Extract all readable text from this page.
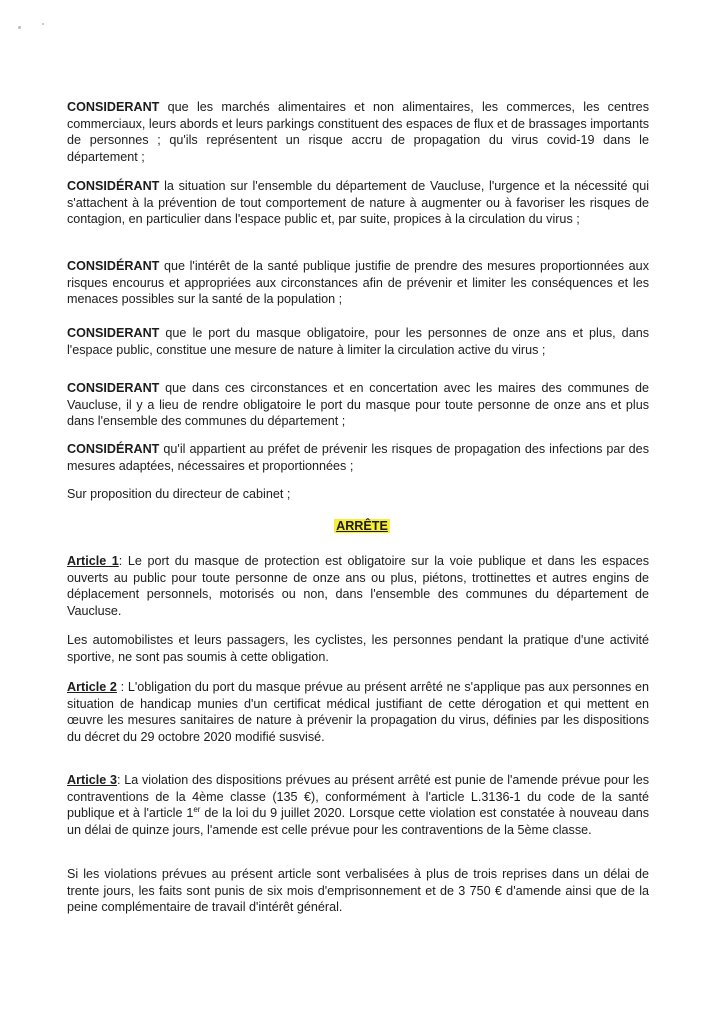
CONSIDERANT que les marchés alimentaires et non alimentaires, les commerces, les centres commerciaux, leurs abords et leurs parkings constituent des espaces de flux et de brassages importants de personnes ; qu'ils représentent un risque accru de propagation du virus covid-19 dans le département ;

CONSIDÉRANT la situation sur l'ensemble du département de Vaucluse, l'urgence et la nécessité qui s'attachent à la prévention de tout comportement de nature à augmenter ou à favoriser les risques de contagion, en particulier dans l'espace public et, par suite, propices à la circulation du virus ;

CONSIDÉRANT que l'intérêt de la santé publique justifie de prendre des mesures proportionnées aux risques encourus et appropriées aux circonstances afin de prévenir et limiter les conséquences et les menaces possibles sur la santé de la population ;

CONSIDERANT que le port du masque obligatoire, pour les personnes de onze ans et plus, dans l'espace public, constitue une mesure de nature à limiter la circulation active du virus ;

CONSIDERANT que dans ces circonstances et en concertation avec les maires des communes de Vaucluse, il y a lieu de rendre obligatoire le port du masque pour toute personne de onze ans et plus dans l'ensemble des communes du département ;

CONSIDÉRANT qu'il appartient au préfet de prévenir les risques de propagation des infections par des mesures adaptées, nécessaires et proportionnées ;

Sur proposition du directeur de cabinet ;

ARRÊTE

Article 1: Le port du masque de protection est obligatoire sur la voie publique et dans les espaces ouverts au public pour toute personne de onze ans ou plus, piétons, trottinettes et autres engins de déplacement personnels, motorisés ou non, dans l'ensemble des communes du département de Vaucluse.

Les automobilistes et leurs passagers, les cyclistes, les personnes pendant la pratique d'une activité sportive, ne sont pas soumis à cette obligation.

Article 2 : L'obligation du port du masque prévue au présent arrêté ne s'applique pas aux personnes en situation de handicap munies d'un certificat médical justifiant de cette dérogation et qui mettent en œuvre les mesures sanitaires de nature à prévenir la propagation du virus, définies par les dispositions du décret du 29 octobre 2020 modifié susvisé.

Article 3: La violation des dispositions prévues au présent arrêté est punie de l'amende prévue pour les contraventions de la 4ème classe (135 €), conformément à l'article L.3136-1 du code de la santé publique et à l'article 1er de la loi du 9 juillet 2020. Lorsque cette violation est constatée à nouveau dans un délai de quinze jours, l'amende est celle prévue pour les contraventions de la 5ème classe.

Si les violations prévues au présent article sont verbalisées à plus de trois reprises dans un délai de trente jours, les faits sont punis de six mois d'emprisonnement et de 3 750 € d'amende ainsi que de la peine complémentaire de travail d'intérêt général.
